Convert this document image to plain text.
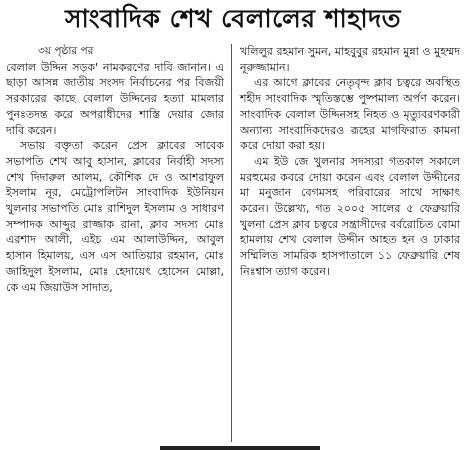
সাংবাদিক শেখ বেলালের শাহাদত
৩য় পৃষ্ঠার পর

বেলাল উদ্দিন সড়ক' নামকরণের দাবি জানান। এ ছাড়া আসন্ন জাতীয় সংসদ নির্বাচনের পর বিজয়ী সরকারের কাছে বেলাল উদ্দিনের হত্যা মামলার পুনঃতদন্ত করে অপরাধীদের শাস্তি দেয়ার জোর দাবি করেন।

সভায় বক্তৃতা করেন প্রেস ক্লাবের সাবেক সভাপতি শেখ আবু হাসান, ক্লাবের নির্বাহী সদস্য শেখ দিদারুল আলম, কৌশিক দে ও আশরাফুল ইসলাম নূর, মেট্রোপলিটন সাংবাদিক ইউনিয়ন খুলনার সভাপতি মোঃ রাশিদুল ইসলাম ও সাধারণ সম্পাদক আব্দুর রাজ্জাক রানা, ক্লাব সদস্য মোঃ এরশাদ আলী, এইচ এম আলাউদ্দিন, আবুল হাসান হিমালয়, এস এস আতিয়ার রহমান, মোঃ জাহিদুল ইসলাম, মোঃ হেদায়েৎ হোসেন মোল্লা, কে এম জিয়াউস সাদাত,

খলিলুর রহমান সুমন, মাহবুবুর রহমান মুন্না ও মুহম্মদ নূরুজ্জামান।

এর আগে ক্লাবের নেতৃবৃন্দ ক্লাব চত্বরে অবস্থিত শহীদ সাংবাদিক স্মৃতিস্তম্ভে পুষ্পমাল্য অর্পণ করেন। সাংবাদিক বেলাল উদ্দিনসহ নিহত ও মৃত্যুবরণকারী অন্যান্য সাংবাদিকদেরও রূহের মাগফিরাত কামনা করে দোয়া করা হয়।

এম ইউ জে খুলনার সদস্যরা গতকাল সকালে মরহুমের কবরে দোয়া করেন এবং বেলাল উদ্দীনের মা মনুজান বেগমসহ পরিবারের সাথে সাক্ষাৎ করেন। উল্লেখ্য, গত ২০০৫ সালের ৫ ফেব্রুয়ারি খুলনা প্রেস ক্লাব চত্বরে সন্ত্রাসীদের বর্বরোচিত বোমা হামলায় শেখ বেলাল উদ্দীন আহত হন ও ঢাকার সম্মিলিত সামরিক হাসপাতালে ১১ ফেব্রুয়ারি শেষ নিঃশ্বাস ত্যাগ করেন।
